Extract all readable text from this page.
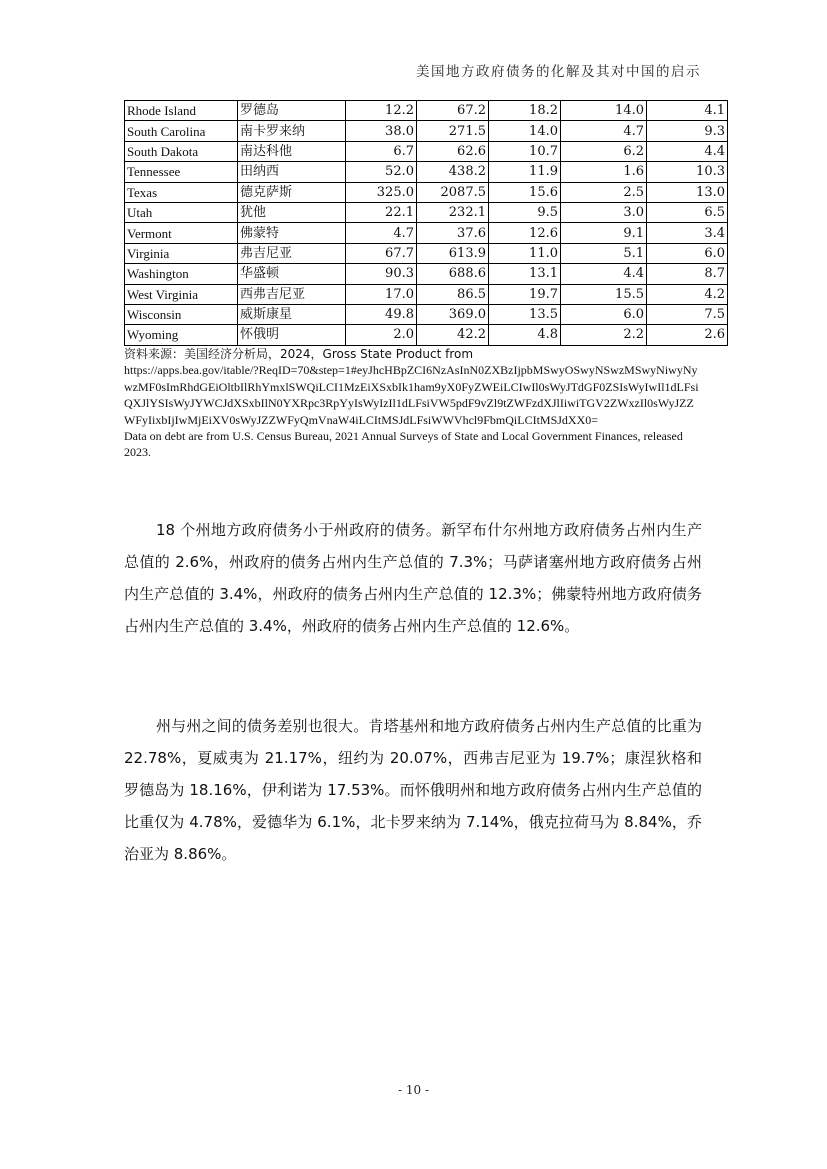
美国地方政府债务的化解及其对中国的启示
Rhode Island	罗德岛	12.2	67.2	18.2	14.0	4.1
South Carolina	南卡罗来纳	38.0	271.5	14.0	4.7	9.3
South Dakota	南达科他	6.7	62.6	10.7	6.2	4.4
Tennessee	田纳西	52.0	438.2	11.9	1.6	10.3
Texas	德克萨斯	325.0	2087.5	15.6	2.5	13.0
Utah	犹他	22.1	232.1	9.5	3.0	6.5
Vermont	佛蒙特	4.7	37.6	12.6	9.1	3.4
Virginia	弗吉尼亚	67.7	613.9	11.0	5.1	6.0
Washington	华盛顿	90.3	688.6	13.1	4.4	8.7
West Virginia	西弗吉尼亚	17.0	86.5	19.7	15.5	4.2
Wisconsin	威斯康星	49.8	369.0	13.5	6.0	7.5
Wyoming	怀俄明	2.0	42.2	4.8	2.2	2.6
资料来源：美国经济分析局，2024，Gross State Product from
https://apps.bea.gov/itable/?ReqID=70&step=1#eyJhcHBpZCI6NzAsInN0ZXBzIjpbMSwyOSwyNSwzMSwyNiwyNywzMF0sImRhdGEiOltbIlRhYmxlSWQiLCI1MzEiXSxbIk1ham9yX0FyZWEiLCIwIl0sWyJTdGF0ZSIsWyIwIl1dLFsiQXJlYSIsWyJYWCJdXSxbIlN0YXRpc3RpYyIsWyIzIl1dLFsiVW5pdF9vZl9tZWFzdXJlIiwiTGV2ZWxzIl0sWyJZZWFyIixbIjIwMjEiXV0sWyJZZWFyQmVnaW4iLCItMSJdLFsiWWVhcl9FbmQiLCItMSJdXX0=
Data on debt are from U.S. Census Bureau, 2021 Annual Surveys of State and Local Government Finances, released 2023.

18 个州地方政府债务小于州政府的债务。新罕布什尔州地方政府债务占州内生产总值的 2.6%，州政府的债务占州内生产总值的 7.3%；马萨诸塞州地方政府债务占州内生产总值的 3.4%，州政府的债务占州内生产总值的 12.3%；佛蒙特州地方政府债务占州内生产总值的 3.4%，州政府的债务占州内生产总值的 12.6%。

州与州之间的债务差别也很大。肯塔基州和地方政府债务占州内生产总值的比重为 22.78%，夏威夷为 21.17%，纽约为 20.07%，西弗吉尼亚为 19.7%；康涅狄格和罗德岛为 18.16%，伊利诺为 17.53%。而怀俄明州和地方政府债务占州内生产总值的比重仅为 4.78%，爱德华为 6.1%，北卡罗来纳为 7.14%，俄克拉荷马为 8.84%，乔治亚为 8.86%。

- 10 -
